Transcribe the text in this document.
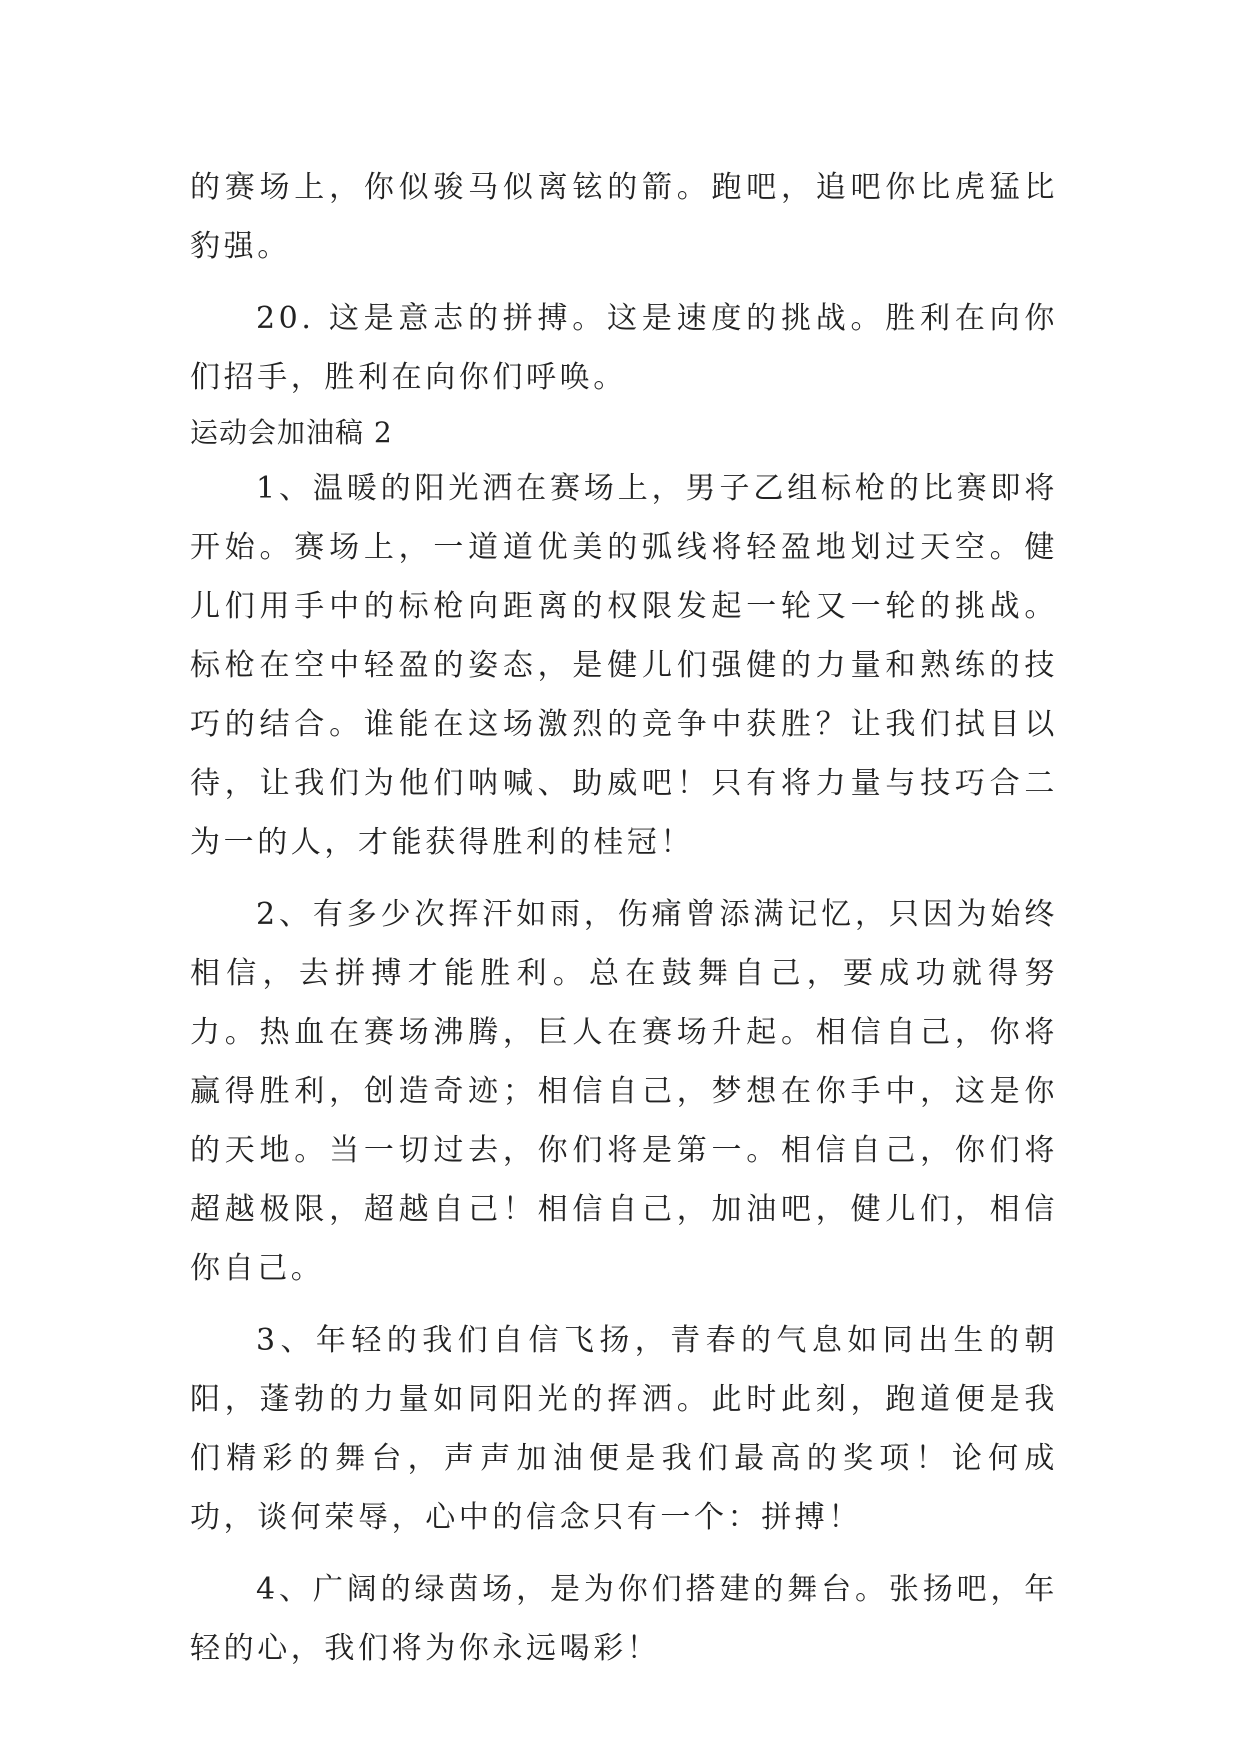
的赛场上，你似骏马似离铉的箭。跑吧，追吧你比虎猛比豹强。

20. 这是意志的拼搏。这是速度的挑战。胜利在向你们招手，胜利在向你们呼唤。

运动会加油稿 2

1、温暖的阳光洒在赛场上，男子乙组标枪的比赛即将开始。赛场上，一道道优美的弧线将轻盈地划过天空。健儿们用手中的标枪向距离的权限发起一轮又一轮的挑战。标枪在空中轻盈的姿态，是健儿们强健的力量和熟练的技巧的结合。谁能在这场激烈的竞争中获胜？让我们拭目以待，让我们为他们呐喊、助威吧！只有将力量与技巧合二为一的人，才能获得胜利的桂冠！

2、有多少次挥汗如雨，伤痛曾添满记忆，只因为始终相信，去拼搏才能胜利。总在鼓舞自己，要成功就得努力。热血在赛场沸腾，巨人在赛场升起。相信自己，你将赢得胜利，创造奇迹；相信自己，梦想在你手中，这是你的天地。当一切过去，你们将是第一。相信自己，你们将超越极限，超越自己！相信自己，加油吧，健儿们，相信你自己。

3、年轻的我们自信飞扬，青春的气息如同出生的朝阳，蓬勃的力量如同阳光的挥洒。此时此刻，跑道便是我们精彩的舞台，声声加油便是我们最高的奖项！论何成功，谈何荣辱，心中的信念只有一个：拼搏！

4、广阔的绿茵场，是为你们搭建的舞台。张扬吧，年轻的心，我们将为你永远喝彩！
